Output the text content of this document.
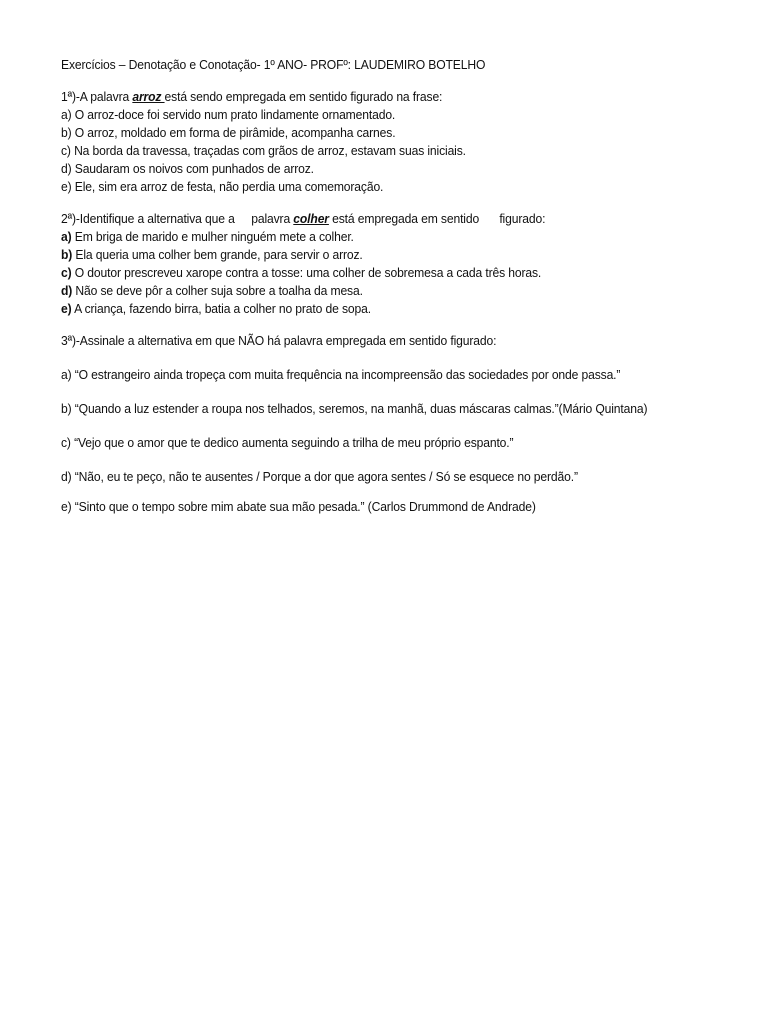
Exercícios – Denotação e Conotação- 1º ANO- PROFº: LAUDEMIRO BOTELHO
1ª)-A palavra arroz está sendo empregada em sentido figurado na frase:
a) O arroz-doce foi servido num prato lindamente ornamentado.
b) O arroz, moldado em forma de pirâmide, acompanha carnes.
c) Na borda da travessa, traçadas com grãos de arroz, estavam suas iniciais.
d) Saudaram os noivos com punhados de arroz.
e) Ele, sim era arroz de festa, não perdia uma comemoração.
2ª)-Identifique a alternativa que a palavra colher está empregada em sentido figurado:
a) Em briga de marido e mulher ninguém mete a colher.
b) Ela queria uma colher bem grande, para servir o arroz.
c) O doutor prescreveu xarope contra a tosse: uma colher de sobremesa a cada três horas.
d) Não se deve pôr a colher suja sobre a toalha da mesa.
e) A criança, fazendo birra, batia a colher no prato de sopa.
3ª)-Assinale a alternativa em que NÃO há palavra empregada em sentido figurado:
a) “O estrangeiro ainda tropeça com muita frequência na incompreensão das sociedades por onde passa.”
b) “Quando a luz estender a roupa nos telhados, seremos, na manhã, duas máscaras calmas.”(Mário Quintana)
c) “Vejo que o amor que te dedico aumenta seguindo a trilha de meu próprio espanto.”
d) “Não, eu te peço, não te ausentes / Porque a dor que agora sentes / Só se esquece no perdão.”
e) “Sinto que o tempo sobre mim abate sua mão pesada.” (Carlos Drummond de Andrade)
